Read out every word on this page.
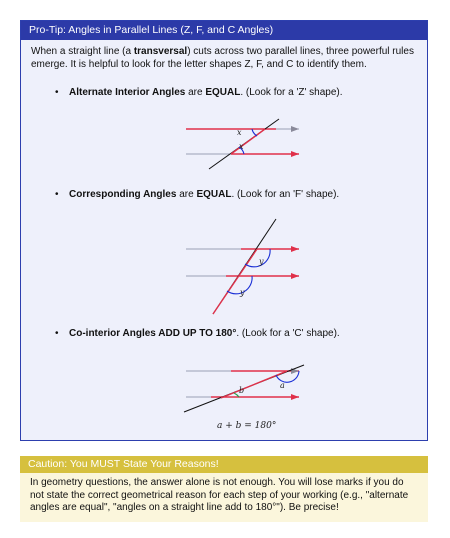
Pro-Tip: Angles in Parallel Lines (Z, F, and C Angles)
When a straight line (a transversal) cuts across two parallel lines, three powerful rules emerge. It is helpful to look for the letter shapes Z, F, and C to identify them.
• Alternate Interior Angles are EQUAL. (Look for a 'Z' shape).
x
x
• Corresponding Angles are EQUAL. (Look for an 'F' shape).
y
y
• Co-interior Angles ADD UP TO 180°. (Look for a 'C' shape).
a
b
a + b = 180°
Caution: You MUST State Your Reasons!
In geometry questions, the answer alone is not enough. You will lose marks if you do not state the correct geometrical reason for each step of your working (e.g., "alternate angles are equal", "angles on a straight line add to 180°"). Be precise!
